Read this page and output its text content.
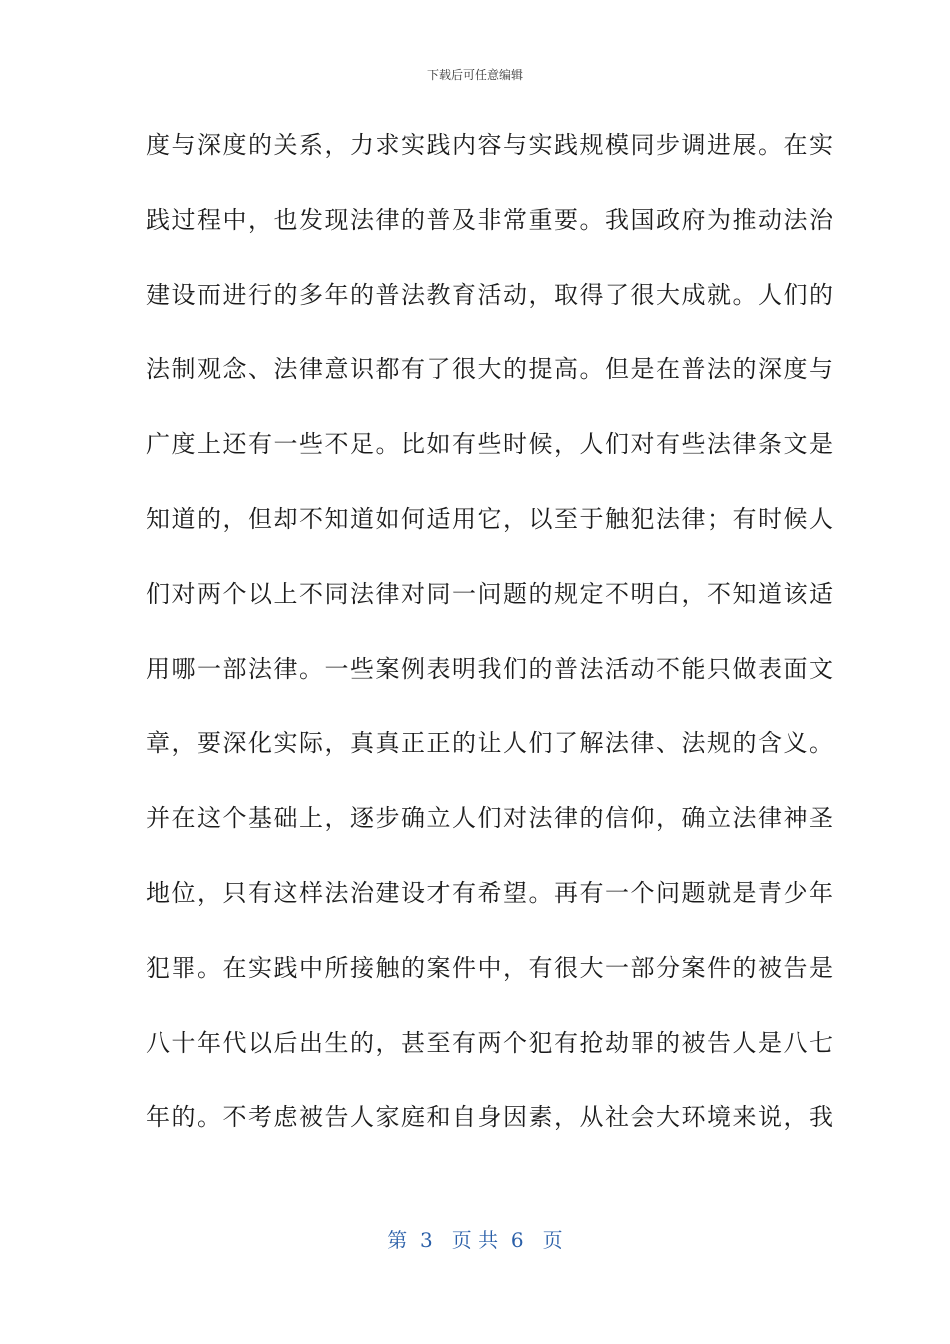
下载后可任意编辑
度与深度的关系，力求实践内容与实践规模同步调进展。在实
践过程中，也发现法律的普及非常重要。我国政府为推动法治
建设而进行的多年的普法教育活动，取得了很大成就。人们的
法制观念、法律意识都有了很大的提高。但是在普法的深度与
广度上还有一些不足。比如有些时候，人们对有些法律条文是
知道的，但却不知道如何适用它，以至于触犯法律；有时候人
们对两个以上不同法律对同一问题的规定不明白，不知道该适
用哪一部法律。一些案例表明我们的普法活动不能只做表面文
章，要深化实际，真真正正的让人们了解法律、法规的含义。
并在这个基础上，逐步确立人们对法律的信仰，确立法律神圣
地位，只有这样法治建设才有希望。再有一个问题就是青少年
犯罪。在实践中所接触的案件中，有很大一部分案件的被告是
八十年代以后出生的，甚至有两个犯有抢劫罪的被告人是八七
年的。不考虑被告人家庭和自身因素，从社会大环境来说，我
第  3   页 共  6   页
